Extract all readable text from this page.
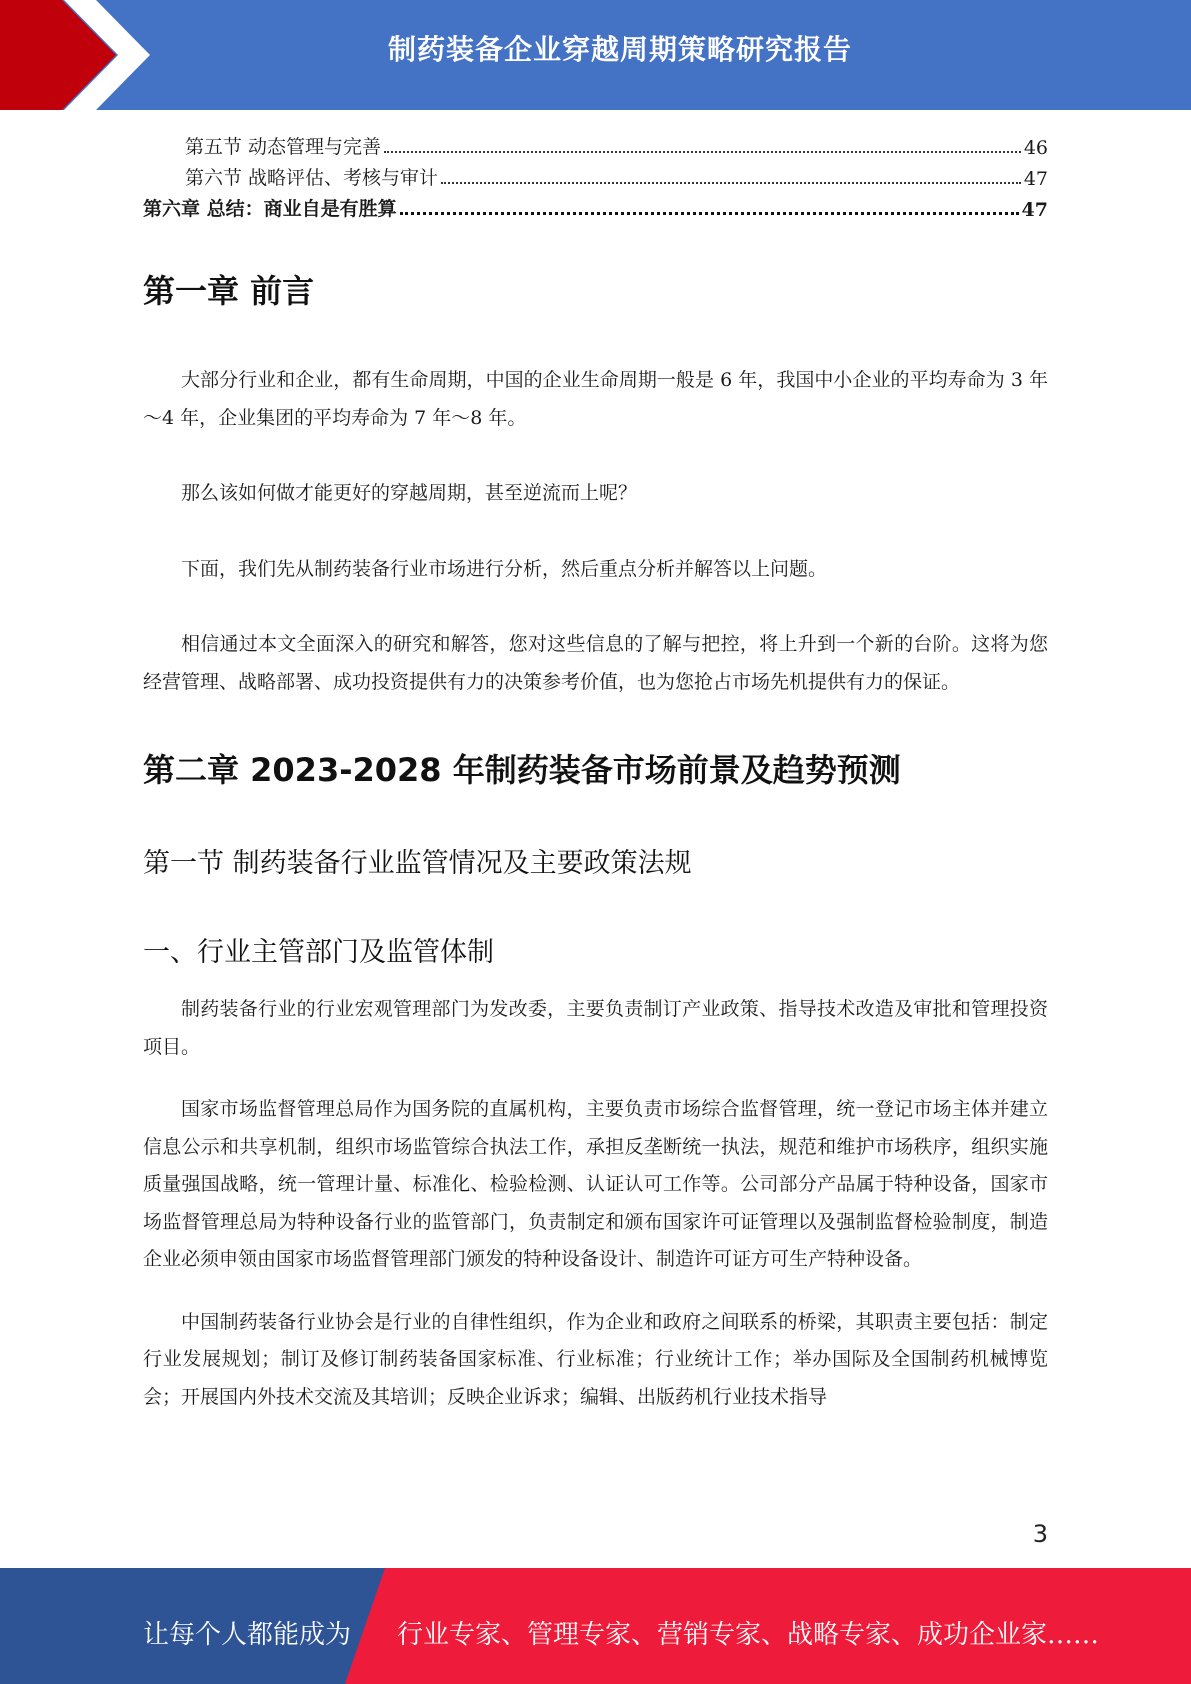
制药装备企业穿越周期策略研究报告
第五节 动态管理与完善	46
第六节 战略评估、考核与审计	47
第六章 总结：商业自是有胜算	47
第一章 前言

大部分行业和企业，都有生命周期，中国的企业生命周期一般是 6 年，我国中小企业的平均寿命为 3 年～4 年，企业集团的平均寿命为 7 年～8 年。

那么该如何做才能更好的穿越周期，甚至逆流而上呢？

下面，我们先从制药装备行业市场进行分析，然后重点分析并解答以上问题。

相信通过本文全面深入的研究和解答，您对这些信息的了解与把控，将上升到一个新的台阶。这将为您经营管理、战略部署、成功投资提供有力的决策参考价值，也为您抢占市场先机提供有力的保证。

第二章 2023-2028 年制药装备市场前景及趋势预测
第一节 制药装备行业监管情况及主要政策法规
一、行业主管部门及监管体制

制药装备行业的行业宏观管理部门为发改委，主要负责制订产业政策、指导技术改造及审批和管理投资项目。

国家市场监督管理总局作为国务院的直属机构，主要负责市场综合监督管理，统一登记市场主体并建立信息公示和共享机制，组织市场监管综合执法工作，承担反垄断统一执法，规范和维护市场秩序，组织实施质量强国战略，统一管理计量、标准化、检验检测、认证认可工作等。公司部分产品属于特种设备，国家市场监督管理总局为特种设备行业的监管部门，负责制定和颁布国家许可证管理以及强制监督检验制度，制造企业必须申领由国家市场监督管理部门颁发的特种设备设计、制造许可证方可生产特种设备。

中国制药装备行业协会是行业的自律性组织，作为企业和政府之间联系的桥梁，其职责主要包括：制定行业发展规划；制订及修订制药装备国家标准、行业标准；行业统计工作；举办国际及全国制药机械博览会；开展国内外技术交流及其培训；反映企业诉求；编辑、出版药机行业技术指导

3
让每个人都能成为 行业专家、管理专家、营销专家、战略专家、成功企业家……
